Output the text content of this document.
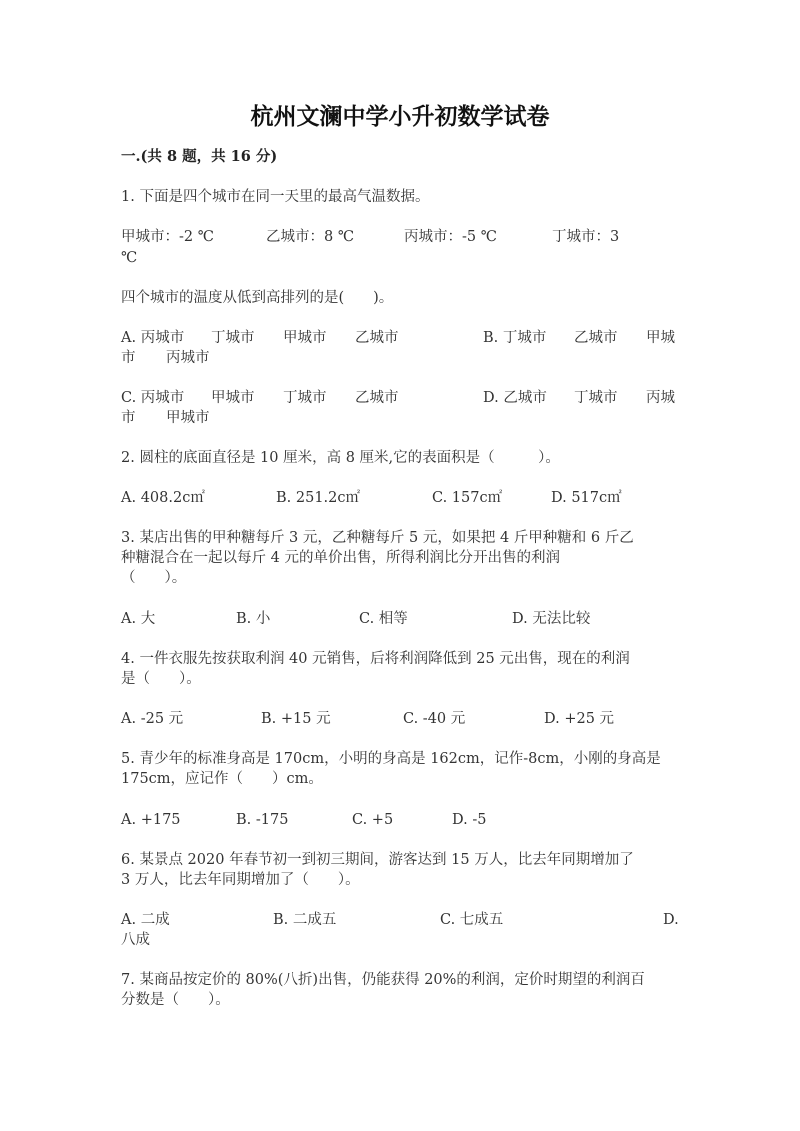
杭州文澜中学小升初数学试卷
一.(共 8 题，共 16 分)
1. 下面是四个城市在同一天里的最高气温数据。
甲城市：-2 ℃	乙城市：8 ℃	丙城市：-5 ℃	丁城市：3
℃
四个城市的温度从低到高排列的是(　　)。
A. 丙城市 丁城市 甲城市 乙城市	B. 丁城市 乙城市 甲城
市 丙城市
C. 丙城市 甲城市 丁城市 乙城市	D. 乙城市 丁城市 丙城
市 甲城市
2. 圆柱的底面直径是 10 厘米，高 8 厘米,它的表面积是（　　　）。
A. 408.2c㎡	B. 251.2c㎡	C. 157c㎡	D. 517c㎡
3. 某店出售的甲种糖每斤 3 元，乙种糖每斤 5 元，如果把 4 斤甲种糖和 6 斤乙
种糖混合在一起以每斤 4 元的单价出售，所得利润比分开出售的利润
（　　）。
A. 大	B. 小	C. 相等	D. 无法比较
4. 一件衣服先按获取利润 40 元销售，后将利润降低到 25 元出售，现在的利润
是（　　）。
A. -25 元	B. +15 元	C. -40 元	D. +25 元
5. 青少年的标准身高是 170cm，小明的身高是 162cm，记作-8cm，小刚的身高是
175cm，应记作（　　）cm。
A. +175	B. -175	C. +5	D. -5
6. 某景点 2020 年春节初一到初三期间，游客达到 15 万人，比去年同期增加了
3 万人，比去年同期增加了（　　）。
A. 二成	B. 二成五	C. 七成五	D.
八成
7. 某商品按定价的 80%(八折)出售，仍能获得 20%的利润，定价时期望的利润百
分数是（　　）。
